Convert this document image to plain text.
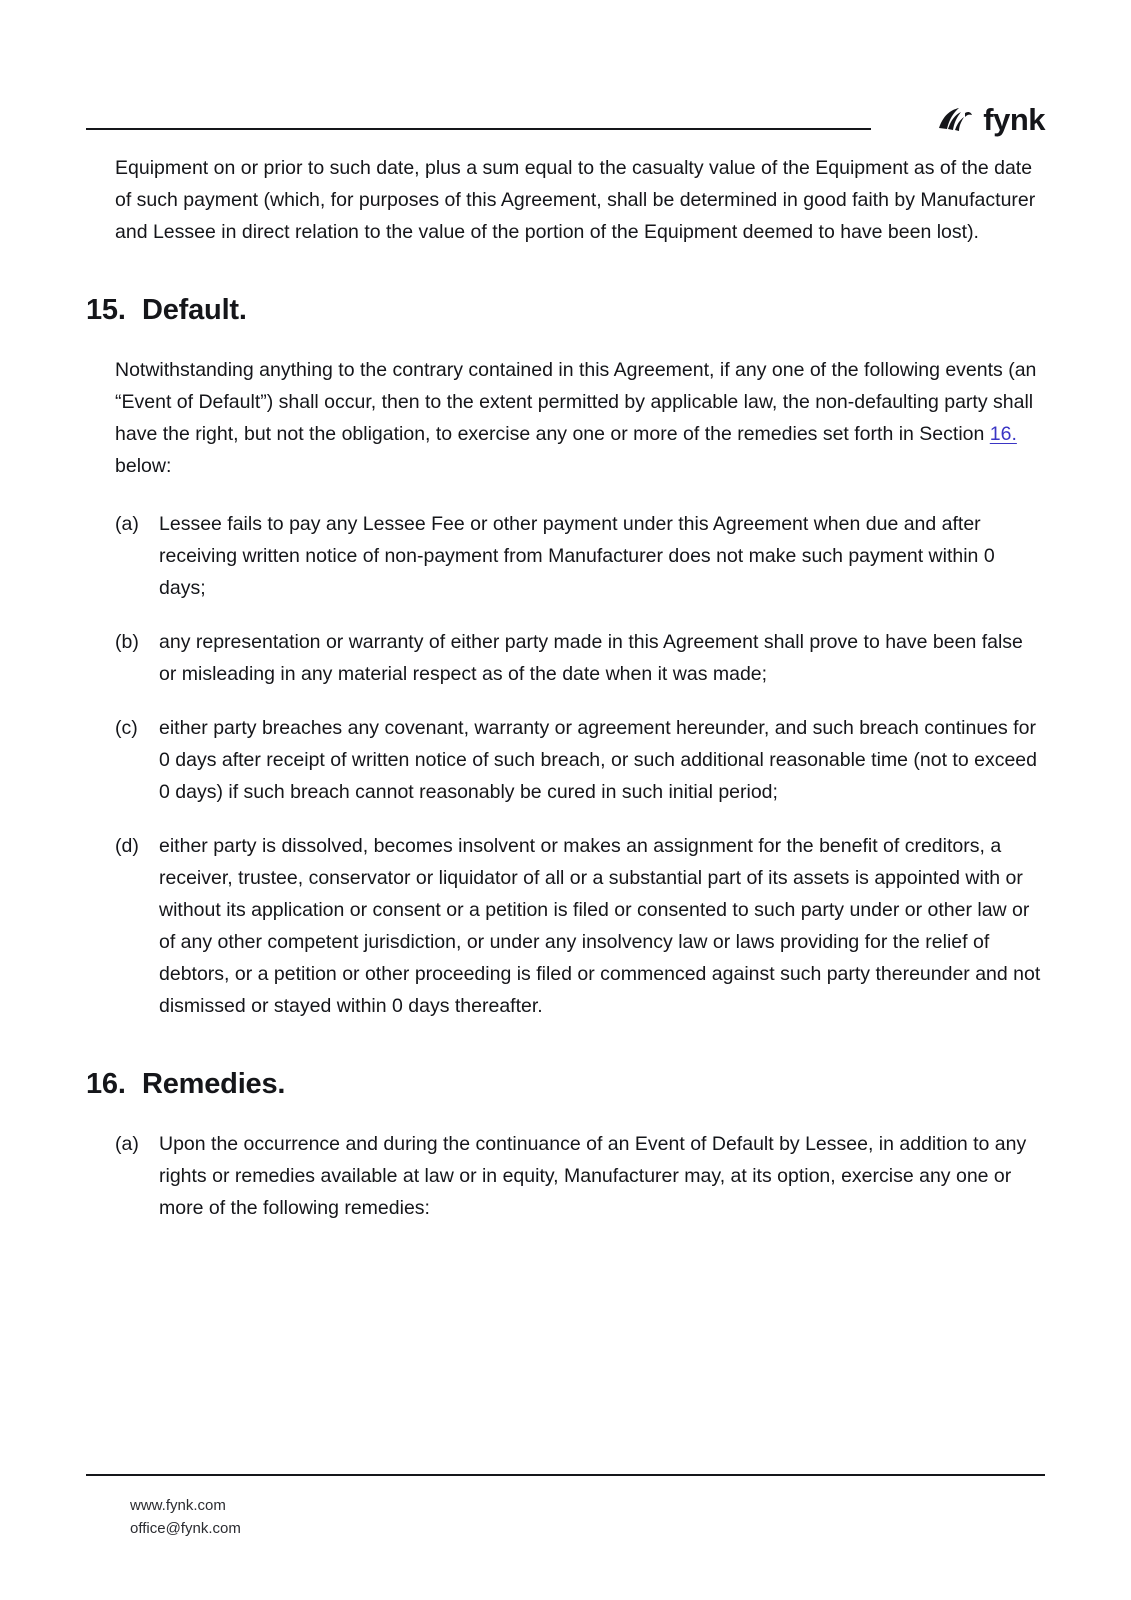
fynk

Equipment on or prior to such date, plus a sum equal to the casualty value of the Equipment as of the date of such payment (which, for purposes of this Agreement, shall be determined in good faith by Manufacturer and Lessee in direct relation to the value of the portion of the Equipment deemed to have been lost).

15. Default.

Notwithstanding anything to the contrary contained in this Agreement, if any one of the following events (an “Event of Default”) shall occur, then to the extent permitted by applicable law, the non-defaulting party shall have the right, but not the obligation, to exercise any one or more of the remedies set forth in Section 16. below:

(a)	Lessee fails to pay any Lessee Fee or other payment under this Agreement when due and after receiving written notice of non-payment from Manufacturer does not make such payment within 0 days;
(b)	any representation or warranty of either party made in this Agreement shall prove to have been false or misleading in any material respect as of the date when it was made;
(c)	either party breaches any covenant, warranty or agreement hereunder, and such breach continues for 0 days after receipt of written notice of such breach, or such additional reasonable time (not to exceed 0 days) if such breach cannot reasonably be cured in such initial period;
(d)	either party is dissolved, becomes insolvent or makes an assignment for the benefit of creditors, a receiver, trustee, conservator or liquidator of all or a substantial part of its assets is appointed with or without its application or consent or a petition is filed or consented to such party under or other law or of any other competent jurisdiction, or under any insolvency law or laws providing for the relief of debtors, or a petition or other proceeding is filed or commenced against such party thereunder and not dismissed or stayed within 0 days thereafter.
16. Remedies.
(a)	Upon the occurrence and during the continuance of an Event of Default by Lessee, in addition to any rights or remedies available at law or in equity, Manufacturer may, at its option, exercise any one or more of the following remedies:
www.fynk.com
office@fynk.com
